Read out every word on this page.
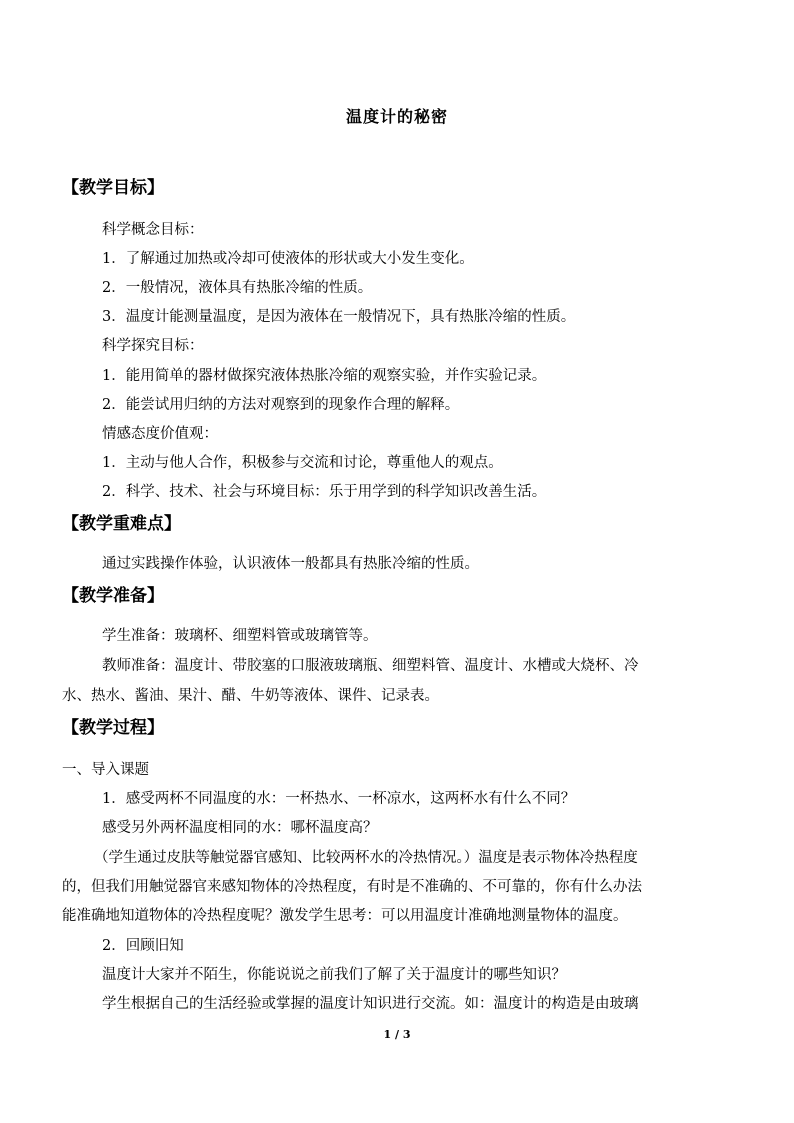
温度计的秘密
【教学目标】
科学概念目标：
1．了解通过加热或冷却可使液体的形状或大小发生变化。
2．一般情况，液体具有热胀冷缩的性质。
3．温度计能测量温度，是因为液体在一般情况下，具有热胀冷缩的性质。
科学探究目标：
1．能用简单的器材做探究液体热胀冷缩的观察实验，并作实验记录。
2．能尝试用归纳的方法对观察到的现象作合理的解释。
情感态度价值观：
1．主动与他人合作，积极参与交流和讨论，尊重他人的观点。
2．科学、技术、社会与环境目标：乐于用学到的科学知识改善生活。
【教学重难点】
通过实践操作体验，认识液体一般都具有热胀冷缩的性质。
【教学准备】
学生准备：玻璃杯、细塑料管或玻璃管等。
教师准备：温度计、带胶塞的口服液玻璃瓶、细塑料管、温度计、水槽或大烧杯、冷
水、热水、酱油、果汁、醋、牛奶等液体、课件、记录表。
【教学过程】
一、导入课题
1．感受两杯不同温度的水：一杯热水、一杯凉水，这两杯水有什么不同？
感受另外两杯温度相同的水：哪杯温度高？
（学生通过皮肤等触觉器官感知、比较两杯水的冷热情况。）温度是表示物体冷热程度
的，但我们用触觉器官来感知物体的冷热程度，有时是不准确的、不可靠的，你有什么办法
能准确地知道物体的冷热程度呢？激发学生思考：可以用温度计准确地测量物体的温度。
2．回顾旧知
温度计大家并不陌生，你能说说之前我们了解了关于温度计的哪些知识？
学生根据自己的生活经验或掌握的温度计知识进行交流。如：温度计的构造是由玻璃
1 / 3
